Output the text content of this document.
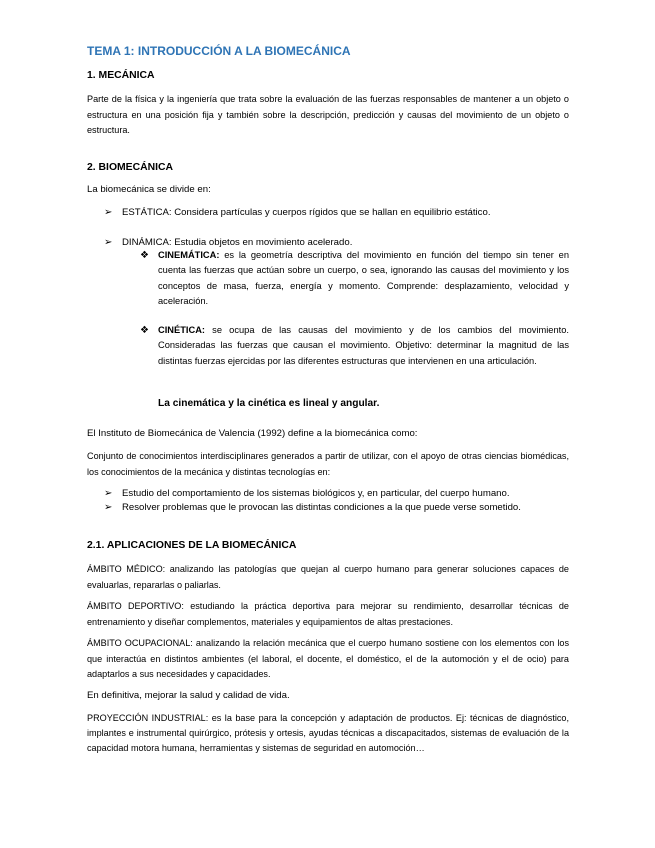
TEMA 1: INTRODUCCIÓN A LA BIOMECÁNICA
1. MECÁNICA
Parte de la física y la ingeniería que trata sobre la evaluación de las fuerzas responsables de mantener a un objeto o estructura en una posición fija y también sobre la descripción, predicción y causas del movimiento de un objeto o estructura.
2. BIOMECÁNICA
La biomecánica se divide en:
➢ ESTÁTICA: Considera partículas y cuerpos rígidos que se hallan en equilibrio estático.
➢ DINÁMICA: Estudia objetos en movimiento acelerado.
❖ CINEMÁTICA: es la geometría descriptiva del movimiento en función del tiempo sin tener en cuenta las fuerzas que actúan sobre un cuerpo, o sea, ignorando las causas del movimiento y los conceptos de masa, fuerza, energía y momento. Comprende: desplazamiento, velocidad y aceleración.
❖ CINÉTICA: se ocupa de las causas del movimiento y de los cambios del movimiento. Consideradas las fuerzas que causan el movimiento. Objetivo: determinar la magnitud de las distintas fuerzas ejercidas por las diferentes estructuras que intervienen en una articulación.
La cinemática y la cinética es lineal y angular.
El Instituto de Biomecánica de Valencia (1992) define a la biomecánica como:
Conjunto de conocimientos interdisciplinares generados a partir de utilizar, con el apoyo de otras ciencias biomédicas, los conocimientos de la mecánica y distintas tecnologías en:
➢ Estudio del comportamiento de los sistemas biológicos y, en particular, del cuerpo humano.
➢ Resolver problemas que le provocan las distintas condiciones a la que puede verse sometido.
2.1. APLICACIONES DE LA BIOMECÁNICA
ÁMBITO MÉDICO: analizando las patologías que quejan al cuerpo humano para generar soluciones capaces de evaluarlas, repararlas o paliarlas.
ÁMBITO DEPORTIVO: estudiando la práctica deportiva para mejorar su rendimiento, desarrollar técnicas de entrenamiento y diseñar complementos, materiales y equipamientos de altas prestaciones.
ÁMBITO OCUPACIONAL: analizando la relación mecánica que el cuerpo humano sostiene con los elementos con los que interactúa en distintos ambientes (el laboral, el docente, el doméstico, el de la automoción y el de ocio) para adaptarlos a sus necesidades y capacidades.
En definitiva, mejorar la salud y calidad de vida.
PROYECCIÓN INDUSTRIAL: es la base para la concepción y adaptación de productos. Ej: técnicas de diagnóstico, implantes e instrumental quirúrgico, prótesis y ortesis, ayudas técnicas a discapacitados, sistemas de evaluación de la capacidad motora humana, herramientas y sistemas de seguridad en automoción…
